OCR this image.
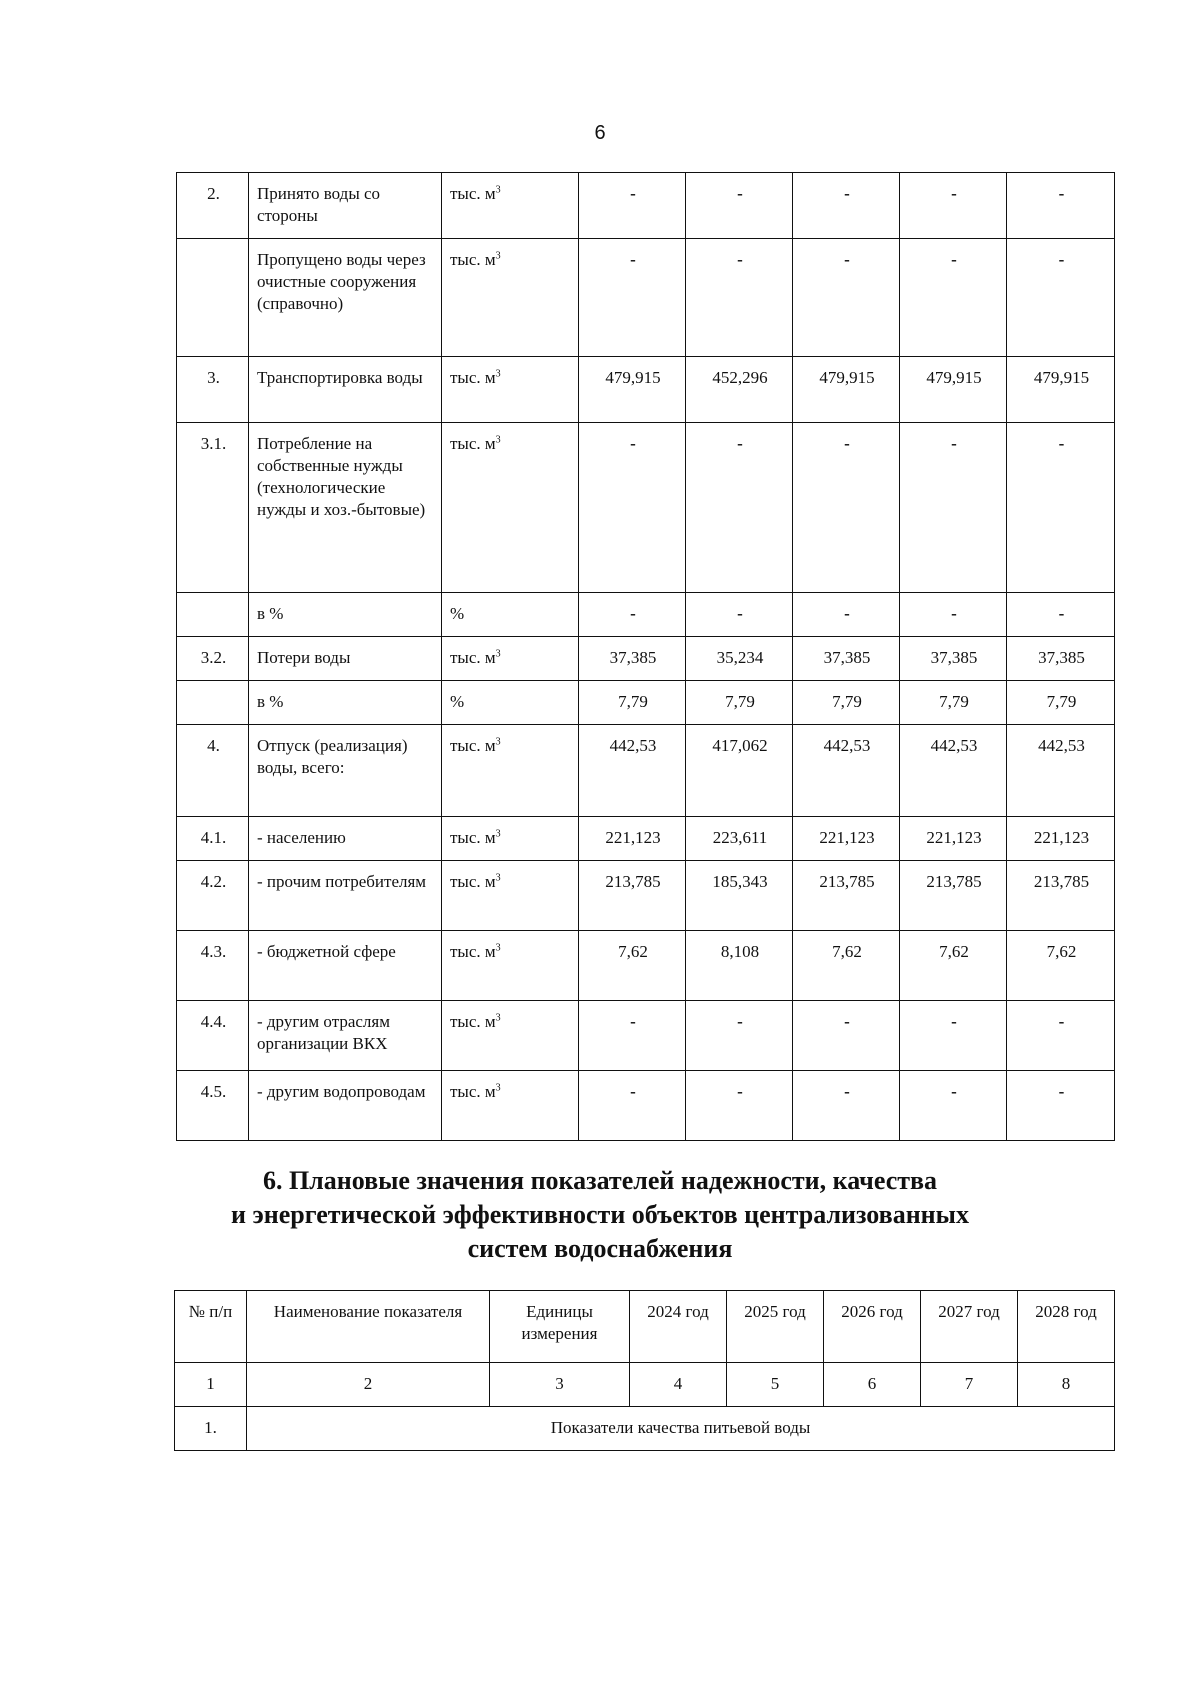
6
2.	Принято воды со стороны	тыс. $м^3$	-	-	-	-	-
	Пропущено воды через очистные сооружения (справочно)	тыс. $м^3$	-	-	-	-	-
3.	Транспортировка воды	тыс. $м^3$	479,915	452,296	479,915	479,915	479,915
3.1.	Потребление на собственные нужды (технологические нужды и хоз.-бытовые)	тыс. $м^3$	-	-	-	-	-
	в %	%	-	-	-	-	-
3.2.	Потери воды	тыс. $м^3$	37,385	35,234	37,385	37,385	37,385
	в %	%	7,79	7,79	7,79	7,79	7,79
4.	Отпуск (реализация) воды, всего:	тыс. $м^3$	442,53	417,062	442,53	442,53	442,53
4.1.	- населению	тыс. $м^3$	221,123	223,611	221,123	221,123	221,123
4.2.	- прочим потребителям	тыс. $м^3$	213,785	185,343	213,785	213,785	213,785
4.3.	- бюджетной сфере	тыс. $м^3$	7,62	8,108	7,62	7,62	7,62
4.4.	- другим отраслям организации ВКХ	тыс. $м^3$	-	-	-	-	-
4.5.	- другим водопроводам	тыс. $м^3$	-	-	-	-	-
6. Плановые значения показателей надежности, качества
и энергетической эффективности объектов централизованных
систем водоснабжения
№ п/п	Наименование показателя	Единицы измерения	2024 год	2025 год	2026 год	2027 год	2028 год
1	2	3	4	5	6	7	8
1.	Показатели качества питьевой воды						
